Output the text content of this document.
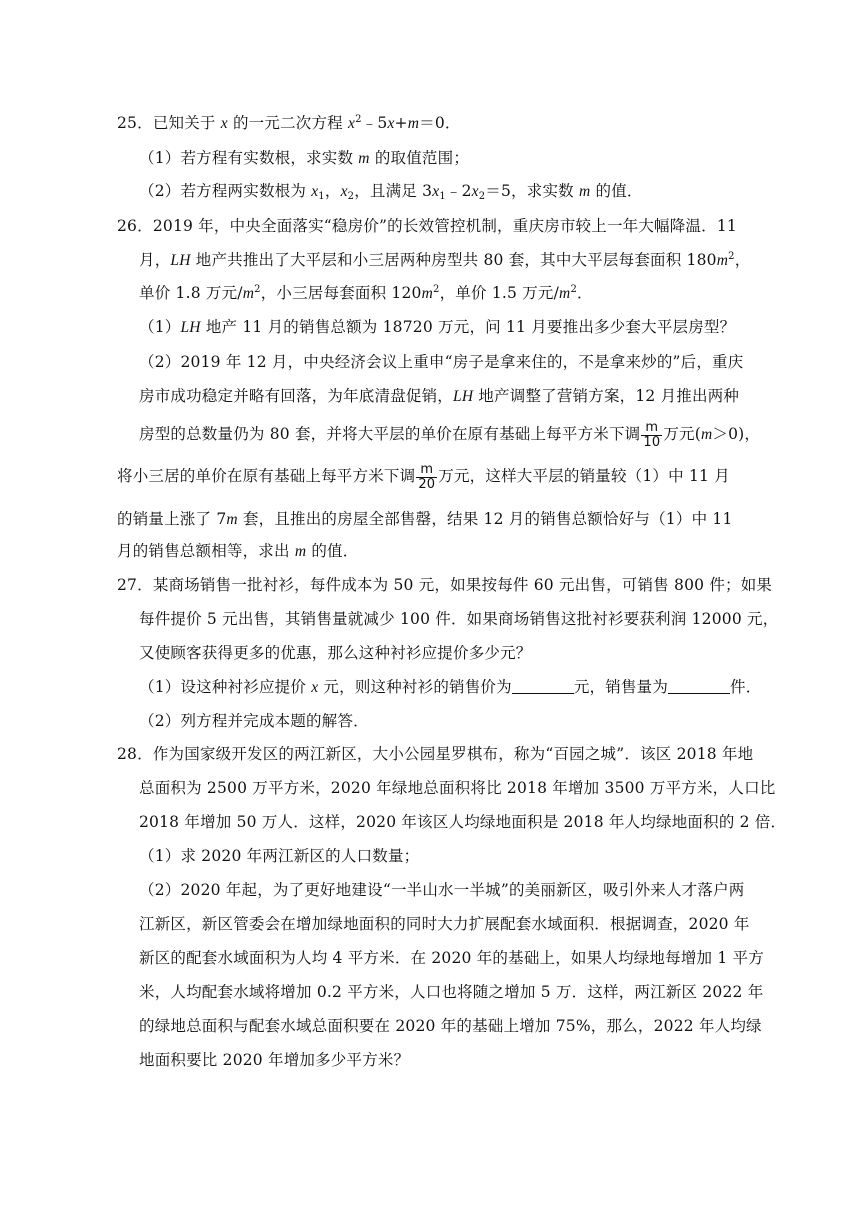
25．已知关于 x 的一元二次方程 $x^2﹣5x+m=0$．
（1）若方程有实数根，求实数 m 的取值范围；
（2）若方程两实数根为 $x_1$，$x_2$，且满足 $3x_1﹣2x_2=5$，求实数 m 的值．
26．2019 年，中央全面落实“稳房价”的长效管控机制，重庆房市较上一年大幅降温．11
月，LH 地产共推出了大平层和小三居两种房型共 80 套，其中大平层每套面积 $180m^2$，
单价 1.8 万元$/m^2$，小三居每套面积 $120m^2$，单价 1.5 万元$/m^2$．
（1）LH 地产 11 月的销售总额为 18720 万元，问 11 月要推出多少套大平层房型？
（2）2019 年 12 月，中央经济会议上重申“房子是拿来住的，不是拿来炒的”后，重庆
房市成功稳定并略有回落，为年底清盘促销，LH 地产调整了营销方案，12 月推出两种
房型的总数量仍为 80 套，并将大平层的单价在原有基础上每平方米下调 $\frac{m}{10}$ 万元(m＞0)，
将小三居的单价在原有基础上每平方米下调 $\frac{m}{20}$ 万元，这样大平层的销量较（1）中 11 月
的销量上涨了 7m 套，且推出的房屋全部售罄，结果 12 月的销售总额恰好与（1）中 11
月的销售总额相等，求出 m 的值．
27．某商场销售一批衬衫，每件成本为 50 元，如果按每件 60 元出售，可销售 800 件；如果
每件提价 5 元出售，其销售量就减少 100 件．如果商场销售这批衬衫要获利润 12000 元，
又使顾客获得更多的优惠，那么这种衬衫应提价多少元？
（1）设这种衬衫应提价 x 元，则这种衬衫的销售价为	元，销售量为	件．
（2）列方程并完成本题的解答．
28．作为国家级开发区的两江新区，大小公园星罗棋布，称为“百园之城”．该区 2018 年地
总面积为 2500 万平方米，2020 年绿地总面积将比 2018 年增加 3500 万平方米，人口比
2018 年增加 50 万人．这样，2020 年该区人均绿地面积是 2018 年人均绿地面积的 2 倍．
（1）求 2020 年两江新区的人口数量；
（2）2020 年起，为了更好地建设“一半山水一半城”的美丽新区，吸引外来人才落户两
江新区，新区管委会在增加绿地面积的同时大力扩展配套水域面积．根据调查，2020 年
新区的配套水域面积为人均 4 平方米．在 2020 年的基础上，如果人均绿地每增加 1 平方
米，人均配套水域将增加 0.2 平方米，人口也将随之增加 5 万．这样，两江新区 2022 年
的绿地总面积与配套水域总面积要在 2020 年的基础上增加 75%，那么，2022 年人均绿
地面积要比 2020 年增加多少平方米？
